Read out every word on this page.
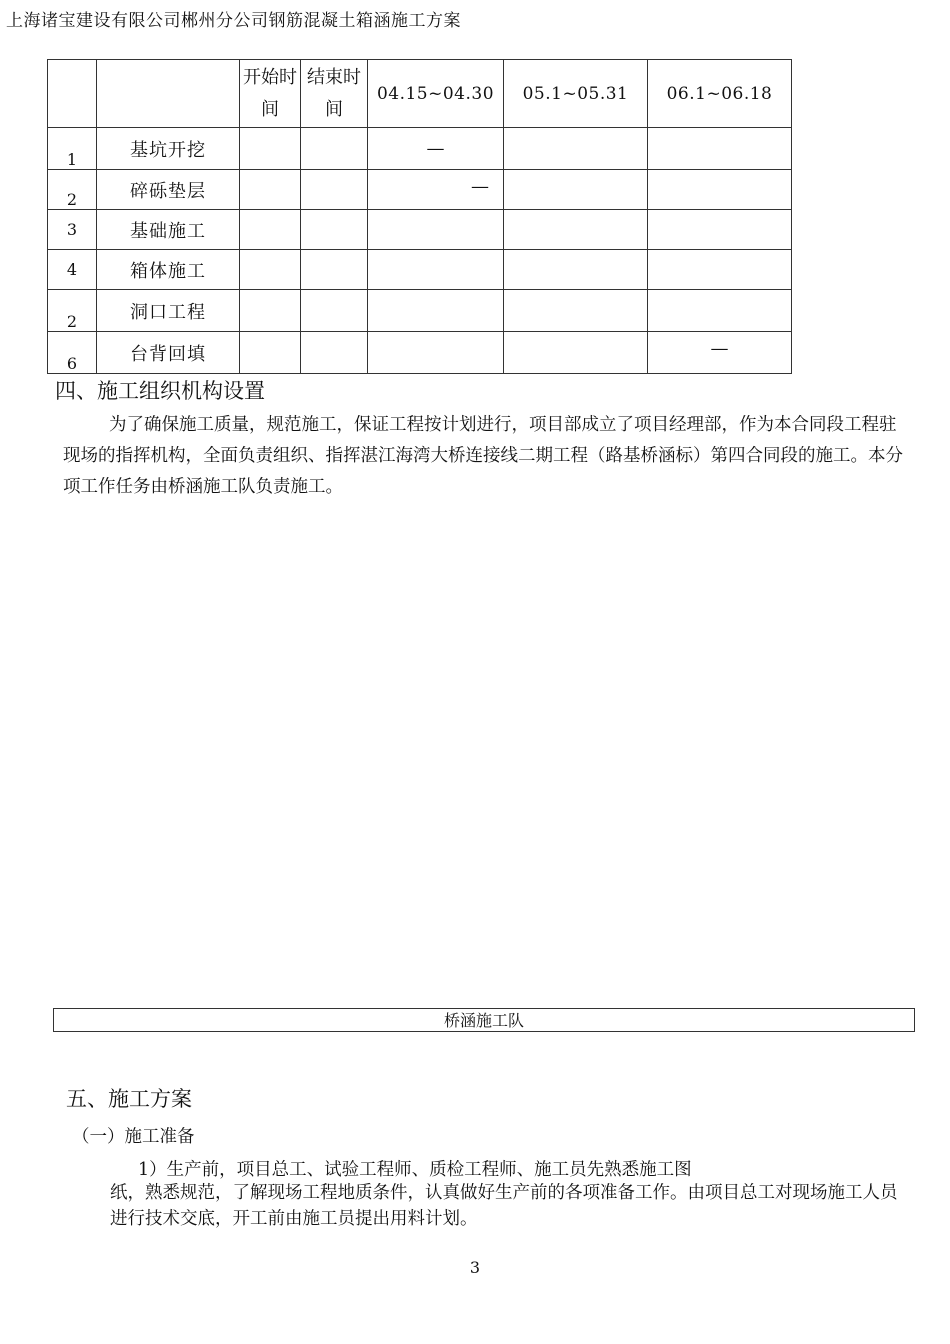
上海诸宝建设有限公司郴州分公司钢筋混凝土箱涵施工方案
		开始时间	结束时间	04.15~04.30	05.1~05.31	06.1~06.18
1	基坑开挖			—		
2	碎砾垫层			—		
3	基础施工					
4	箱体施工					
2	洞口工程					
6	台背回填					—
四、施工组织机构设置
为了确保施工质量，规范施工，保证工程按计划进行，项目部成立了项目经理部，作为本合同段工程驻现场的指挥机构，全面负责组织、指挥湛江海湾大桥连接线二期工程（路基桥涵标）第四合同段的施工。本分项工作任务由桥涵施工队负责施工。
桥涵施工队
五、施工方案
（一）施工准备
1）生产前，项目总工、试验工程师、质检工程师、施工员先熟悉施工图
纸，熟悉规范，了解现场工程地质条件，认真做好生产前的各项准备工作。由项目总工对现场施工人员进行技术交底，开工前由施工员提出用料计划。
3
